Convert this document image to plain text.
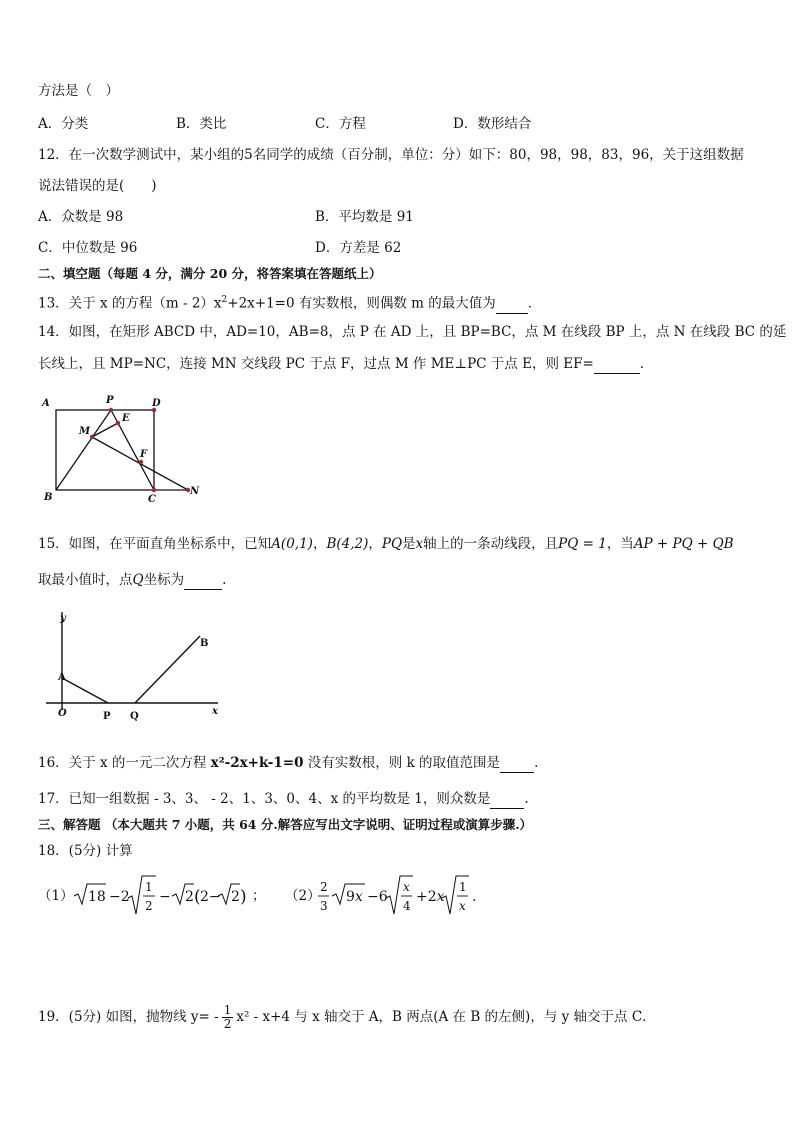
方法是（　）
A．分类	B．类比	C．方程	D．数形结合
12．在一次数学测试中，某小组的5名同学的成绩（百分制，单位：分）如下：80，98，98，83，96，关于这组数据
说法错误的是(　　)
A．众数是 98	B．平均数是 91
C．中位数是 96	D．方差是 62
二、填空题（每题 4 分，满分 20 分，将答案填在答题纸上）
13．关于 x 的方程$(m - 2)x^2+2x+1=0$ 有实数根，则偶数 m 的最大值为 ．
14．如图，在矩形 ABCD 中，AD=10，AB=8，点 P 在 AD 上，且 BP=BC，点 M 在线段 BP 上，点 N 在线段 BC 的延
长线上，且 MP=NC，连接 MN 交线段 PC 于点 F，过点 M 作 ME⊥PC 于点 E，则 EF=	.
A	P	D
E
M
F
B	C
N
15．如图，在平面直角坐标系中，已知A(0,1)，B(4,2)，PQ是x轴上的一条动线段，且PQ = 1，当AP + PQ + QB
取最小值时，点Q坐标为	.
y
A
O	P Q	x
B
16．关于 x 的一元二次方程 x²-2x+k-1=0 没有实数根，则 k 的取值范围是	.
17．已知一组数据 - 3、3、 - 2、1、3、0、4、x 的平均数是 1，则众数是	.
三、解答题 （本大题共 7 小题，共 64 分.解答应写出文字说明、证明过程或演算步骤.）
18．(5分) 计算
（1） 18 −2
1
2
− 2 ( 2− 2 ) ； （2）
2
3
9x −6
x
4
+2x
1
x
.
19．(5分) 如图，抛物线 $y= - \frac{1}{2} x^2 - x+4$ 与 x 轴交于 A，B 两点(A 在 B 的左侧)，与 y 轴交于点 C．
